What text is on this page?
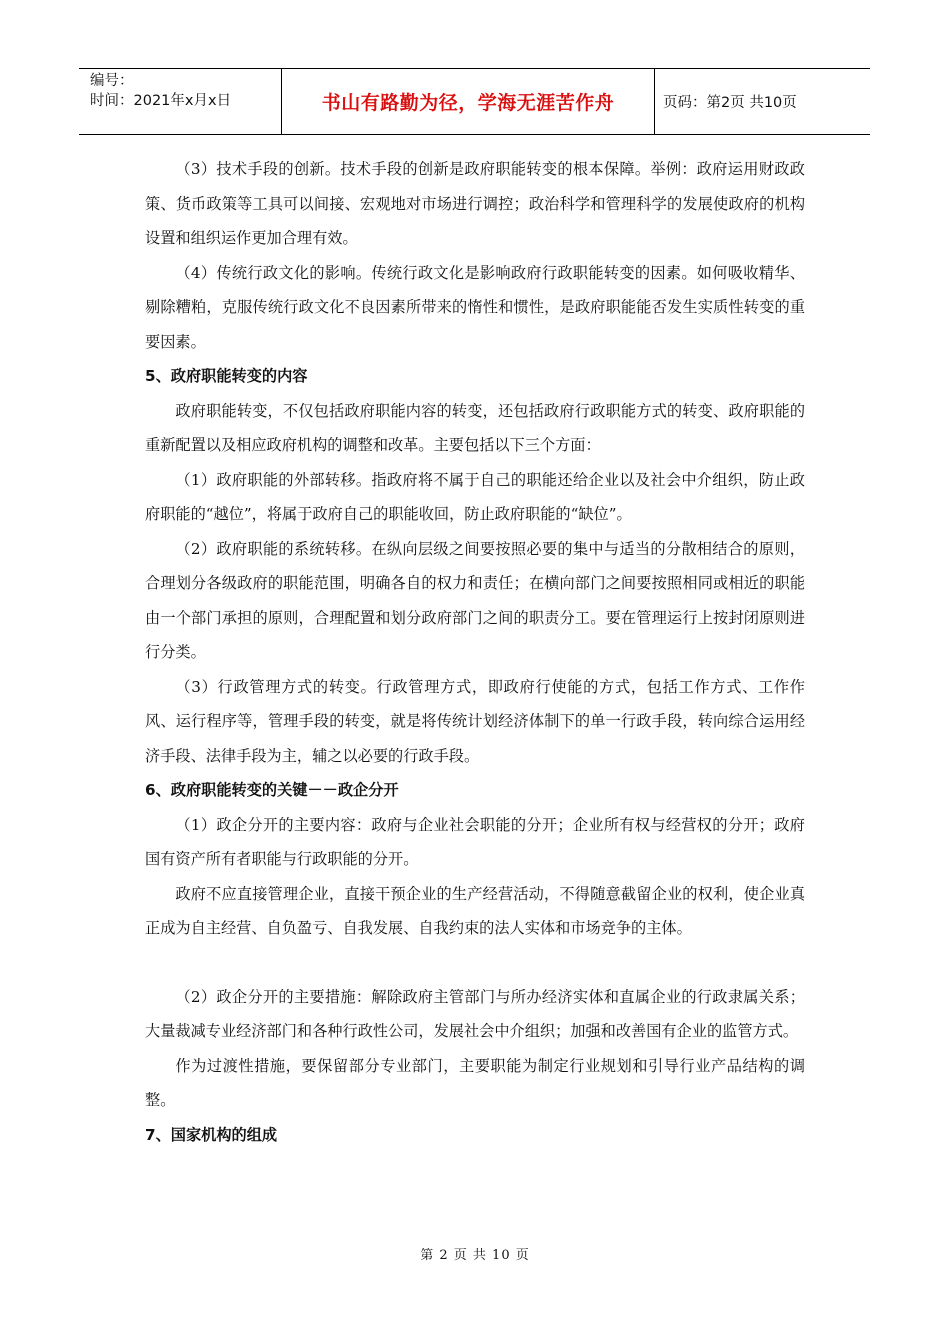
编号：
时间：2021年x月x日	书山有路勤为径，学海无涯苦作舟	页码：第2页 共10页

（3）技术手段的创新。技术手段的创新是政府职能转变的根本保障。举例：政府运用财政政策、货币政策等工具可以间接、宏观地对市场进行调控；政治科学和管理科学的发展使政府的机构设置和组织运作更加合理有效。

（4）传统行政文化的影响。传统行政文化是影响政府行政职能转变的因素。如何吸收精华、剔除糟粕，克服传统行政文化不良因素所带来的惰性和惯性，是政府职能能否发生实质性转变的重要因素。

5、政府职能转变的内容

政府职能转变，不仅包括政府职能内容的转变，还包括政府行政职能方式的转变、政府职能的重新配置以及相应政府机构的调整和改革。主要包括以下三个方面：

（1）政府职能的外部转移。指政府将不属于自己的职能还给企业以及社会中介组织，防止政府职能的“越位”，将属于政府自己的职能收回，防止政府职能的“缺位”。

（2）政府职能的系统转移。在纵向层级之间要按照必要的集中与适当的分散相结合的原则，合理划分各级政府的职能范围，明确各自的权力和责任；在横向部门之间要按照相同或相近的职能由一个部门承担的原则，合理配置和划分政府部门之间的职责分工。要在管理运行上按封闭原则进行分类。

（3）行政管理方式的转变。行政管理方式，即政府行使能的方式，包括工作方式、工作作风、运行程序等，管理手段的转变，就是将传统计划经济体制下的单一行政手段，转向综合运用经济手段、法律手段为主，辅之以必要的行政手段。

6、政府职能转变的关键－－政企分开

（1）政企分开的主要内容：政府与企业社会职能的分开；企业所有权与经营权的分开；政府国有资产所有者职能与行政职能的分开。

政府不应直接管理企业，直接干预企业的生产经营活动，不得随意截留企业的权利，使企业真正成为自主经营、自负盈亏、自我发展、自我约束的法人实体和市场竞争的主体。

（2）政企分开的主要措施：解除政府主管部门与所办经济实体和直属企业的行政隶属关系；大量裁减专业经济部门和各种行政性公司，发展社会中介组织；加强和改善国有企业的监管方式。

作为过渡性措施，要保留部分专业部门，主要职能为制定行业规划和引导行业产品结构的调整。

7、国家机构的组成
第 2 页 共 10 页
